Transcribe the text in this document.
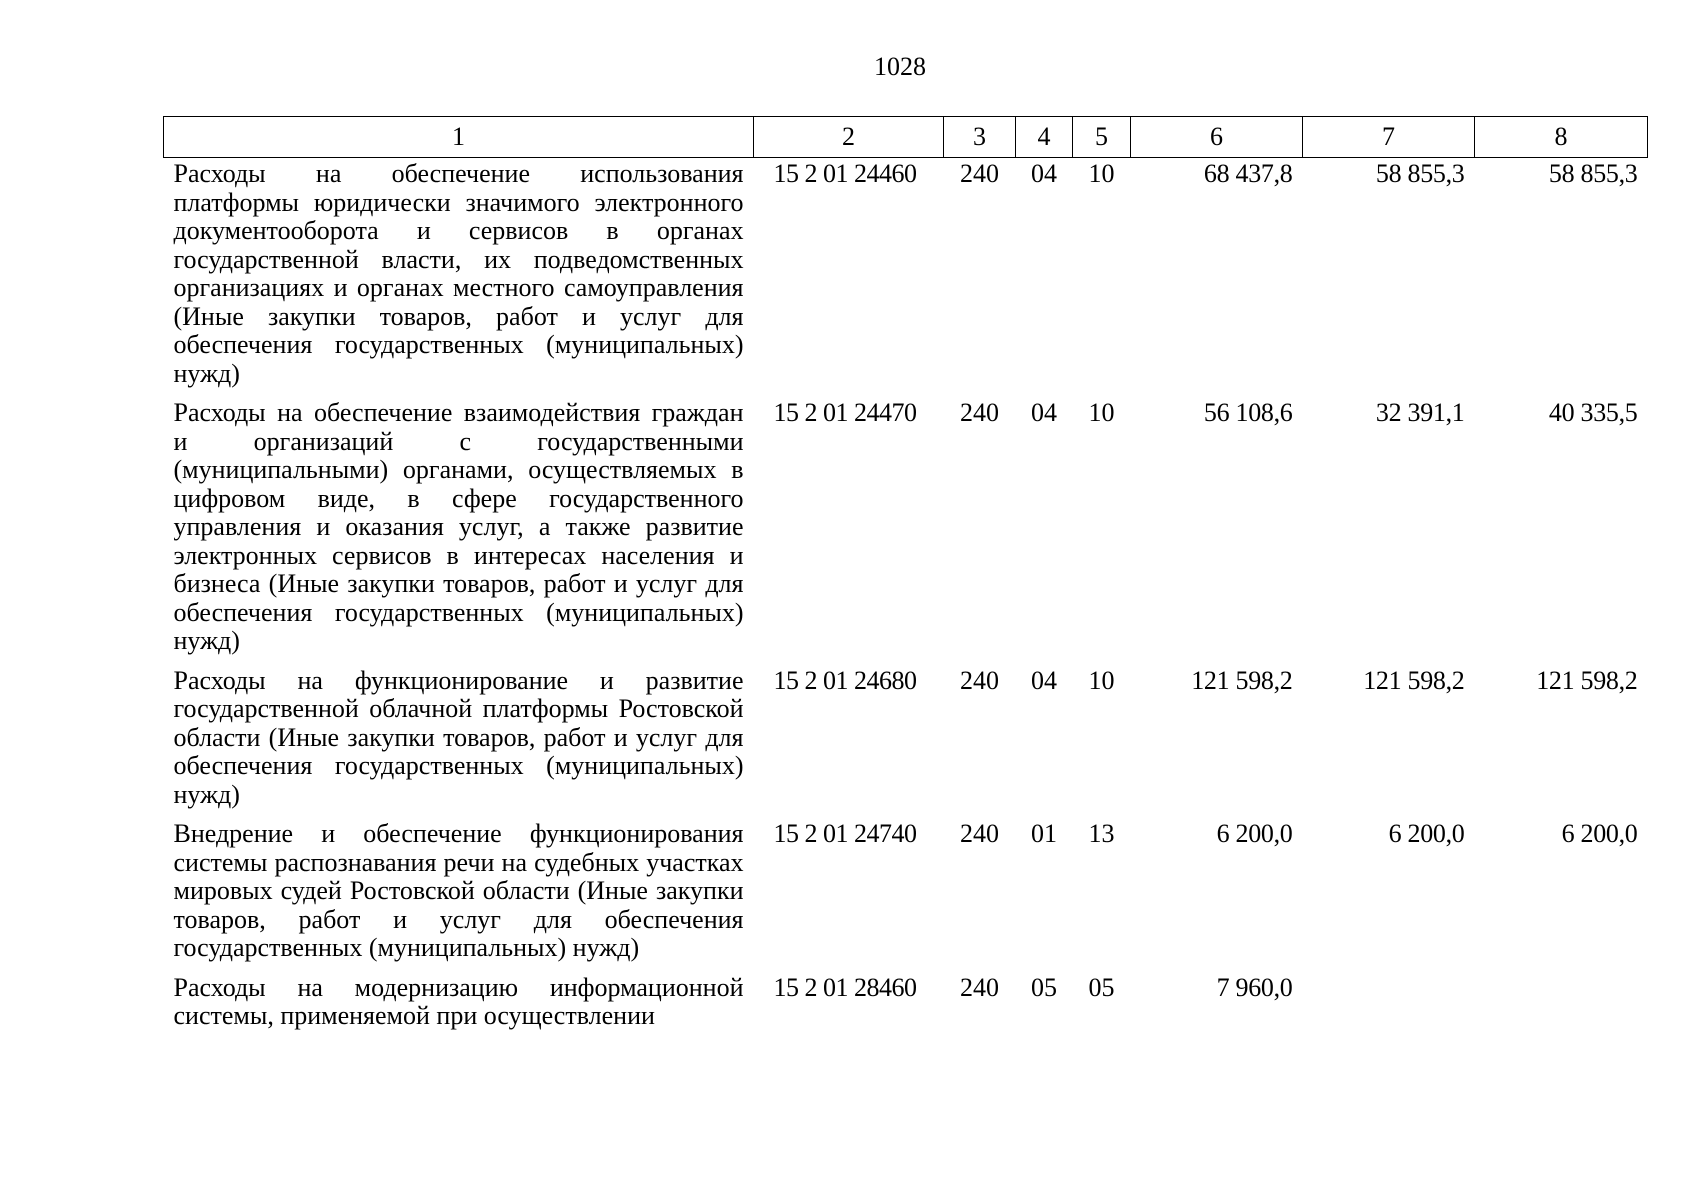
1028
1	2	3	4	5	6	7	8
Расходы на обеспечение использования платформы юридически значимого электронного документооборота и сервисов в органах государственной власти, их подведомственных организациях и органах местного самоуправления (Иные закупки товаров, работ и услуг для обеспечения государственных (муниципальных) нужд)	15 2 01 24460	240	04	10	68 437,8	58 855,3	58 855,3
Расходы на обеспечение взаимодействия граждан и организаций с государственными (муниципальными) органами, осуществляемых в цифровом виде, в сфере государственного управления и оказания услуг, а также развитие электронных сервисов в интересах населения и бизнеса (Иные закупки товаров, работ и услуг для обеспечения государственных (муниципальных) нужд)	15 2 01 24470	240	04	10	56 108,6	32 391,1	40 335,5
Расходы на функционирование и развитие государственной облачной платформы Ростовской области (Иные закупки товаров, работ и услуг для обеспечения государственных (муниципальных) нужд)	15 2 01 24680	240	04	10	121 598,2	121 598,2	121 598,2
Внедрение и обеспечение функционирования системы распознавания речи на судебных участках мировых судей Ростовской области (Иные закупки товаров, работ и услуг для обеспечения государственных (муниципальных) нужд)	15 2 01 24740	240	01	13	6 200,0	6 200,0	6 200,0
Расходы на модернизацию информационной системы, применяемой при осуществлении	15 2 01 28460	240	05	05	7 960,0		
